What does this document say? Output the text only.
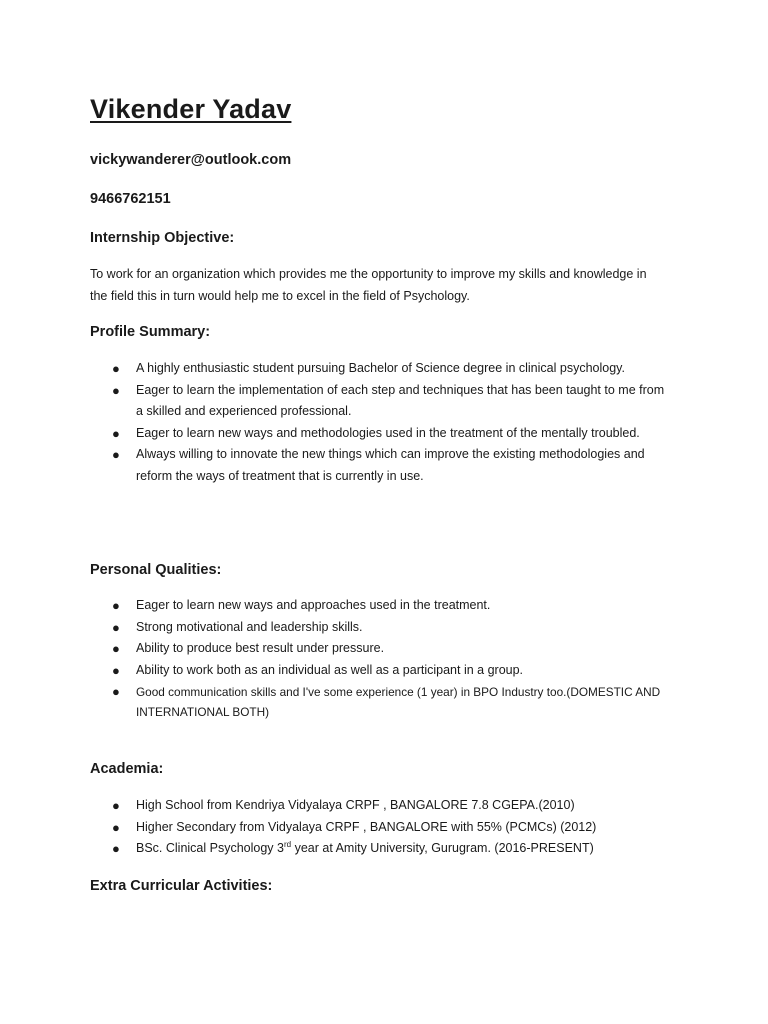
Vikender Yadav
vickywanderer@outlook.com
9466762151
Internship Objective:

To work for an organization which provides me the opportunity to improve my skills and knowledge in the field this in turn would help me to excel in the field of Psychology.

Profile Summary:
● A highly enthusiastic student pursuing Bachelor of Science degree in clinical psychology.
● Eager to learn the implementation of each step and techniques that has been taught to me from a skilled and experienced professional.
● Eager to learn new ways and methodologies used in the treatment of the mentally troubled.
● Always willing to innovate the new things which can improve the existing methodologies and reform the ways of treatment that is currently in use.
Personal Qualities:
● Eager to learn new ways and approaches used in the treatment.
● Strong motivational and leadership skills.
● Ability to produce best result under pressure.
● Ability to work both as an individual as well as a participant in a group.
● Good communication skills and I've some experience (1 year) in BPO Industry too.(DOMESTIC AND INTERNATIONAL BOTH)
Academia:
● High School from Kendriya Vidyalaya CRPF , BANGALORE 7.8 CGEPA.(2010)
● Higher Secondary from Vidyalaya CRPF , BANGALORE with 55% (PCMCs) (2012)
● BSc. Clinical Psychology 3rd year at Amity University, Gurugram. (2016-PRESENT)
Extra Curricular Activities:
